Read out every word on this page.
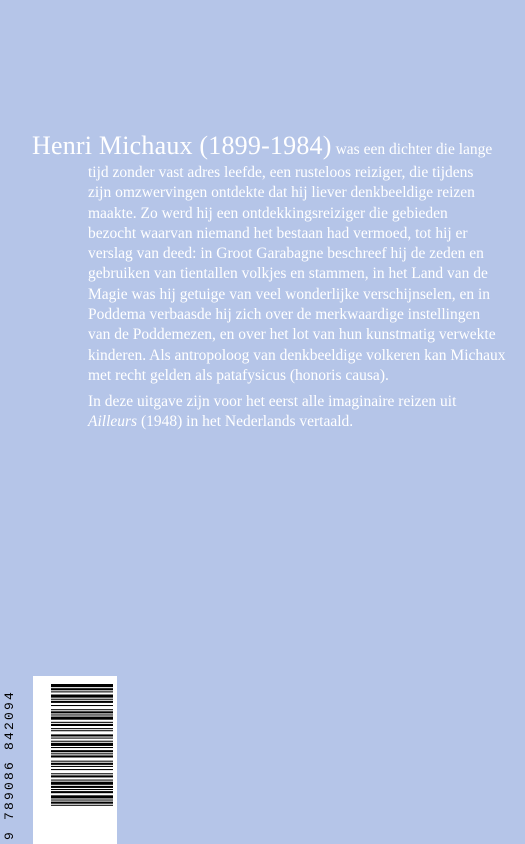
Henri Michaux (1899-1984) was een dichter die lange
tijd zonder vast adres leefde, een rusteloos reiziger, die tijdens
zijn omzwervingen ontdekte dat hij liever denkbeeldige reizen
maakte. Zo werd hij een ontdekkingsreiziger die gebieden
bezocht waarvan niemand het bestaan had vermoed, tot hij er
verslag van deed: in Groot Garabagne beschreef hij de zeden en
gebruiken van tientallen volkjes en stammen, in het Land van de
Magie was hij getuige van veel wonderlijke verschijnselen, en in
Poddema verbaasde hij zich over de merkwaardige instellingen
van de Poddemezen, en over het lot van hun kunstmatig verwekte
kinderen. Als antropoloog van denkbeeldige volkeren kan Michaux
met recht gelden als patafysicus (honoris causa).
In deze uitgave zijn voor het eerst alle imaginaire reizen uit
Ailleurs (1948) in het Nederlands vertaald.
9 789086 842094
